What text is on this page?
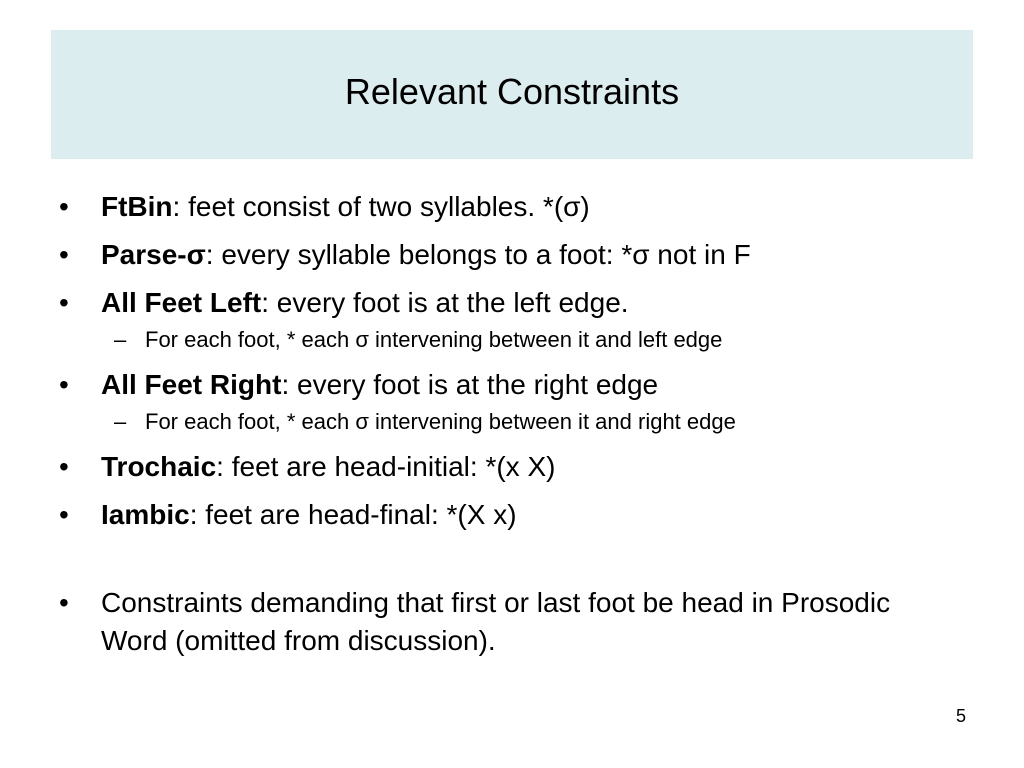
Relevant Constraints
•	FtBin: feet consist of two syllables. *(σ)
•	Parse-σ: every syllable belongs to a foot: *σ not in F
•	All Feet Left: every foot is at the left edge.
– For each foot, * each σ intervening between it and left edge
•	All Feet Right: every foot is at the right edge
– For each foot, * each σ intervening between it and right edge
•	Trochaic: feet are head-initial: *(x X)
•	Iambic: feet are head-final: *(X x)
•	Constraints demanding that first or last foot be head in Prosodic Word (omitted from discussion).
5
